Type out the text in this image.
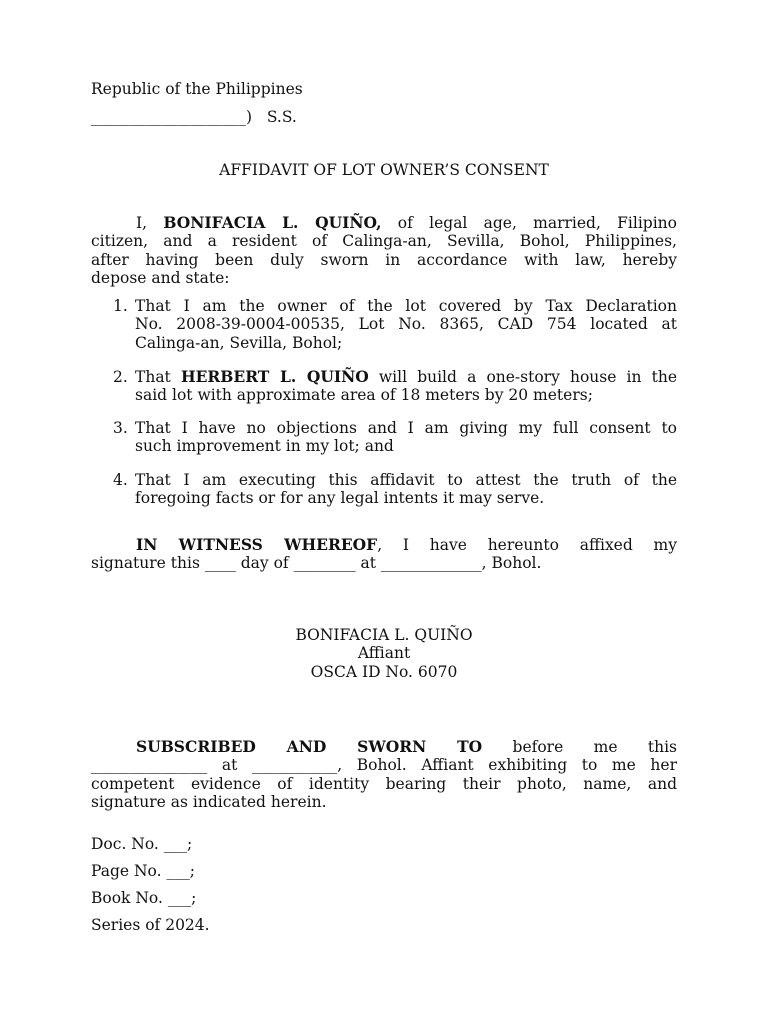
Republic of the Philippines
____________________) S.S.
AFFIDAVIT OF LOT OWNER’S CONSENT
I, BONIFACIA L. QUIÑO, of legal age, married, Filipino
citizen, and a resident of Calinga-an, Sevilla, Bohol, Philippines,
after having been duly sworn in accordance with law, hereby
depose and state:
1. That I am the owner of the lot covered by Tax Declaration
No. 2008-39-0004-00535, Lot No. 8365, CAD 754 located at
Calinga-an, Sevilla, Bohol;
2. That HERBERT L. QUIÑO will build a one-story house in the
said lot with approximate area of 18 meters by 20 meters;
3. That I have no objections and I am giving my full consent to
such improvement in my lot; and
4. That I am executing this affidavit to attest the truth of the
foregoing facts or for any legal intents it may serve.
IN WITNESS WHEREOF, I have hereunto affixed my
signature this ____ day of ________ at _____________, Bohol.
BONIFACIA L. QUIÑO
Affiant
OSCA ID No. 6070
SUBSCRIBED AND SWORN TO before me this
_______________ at ___________, Bohol. Affiant exhibiting to me her
competent evidence of identity bearing their photo, name, and
signature as indicated herein.
Doc. No. ___;
Page No. ___;
Book No. ___;
Series of 2024.
